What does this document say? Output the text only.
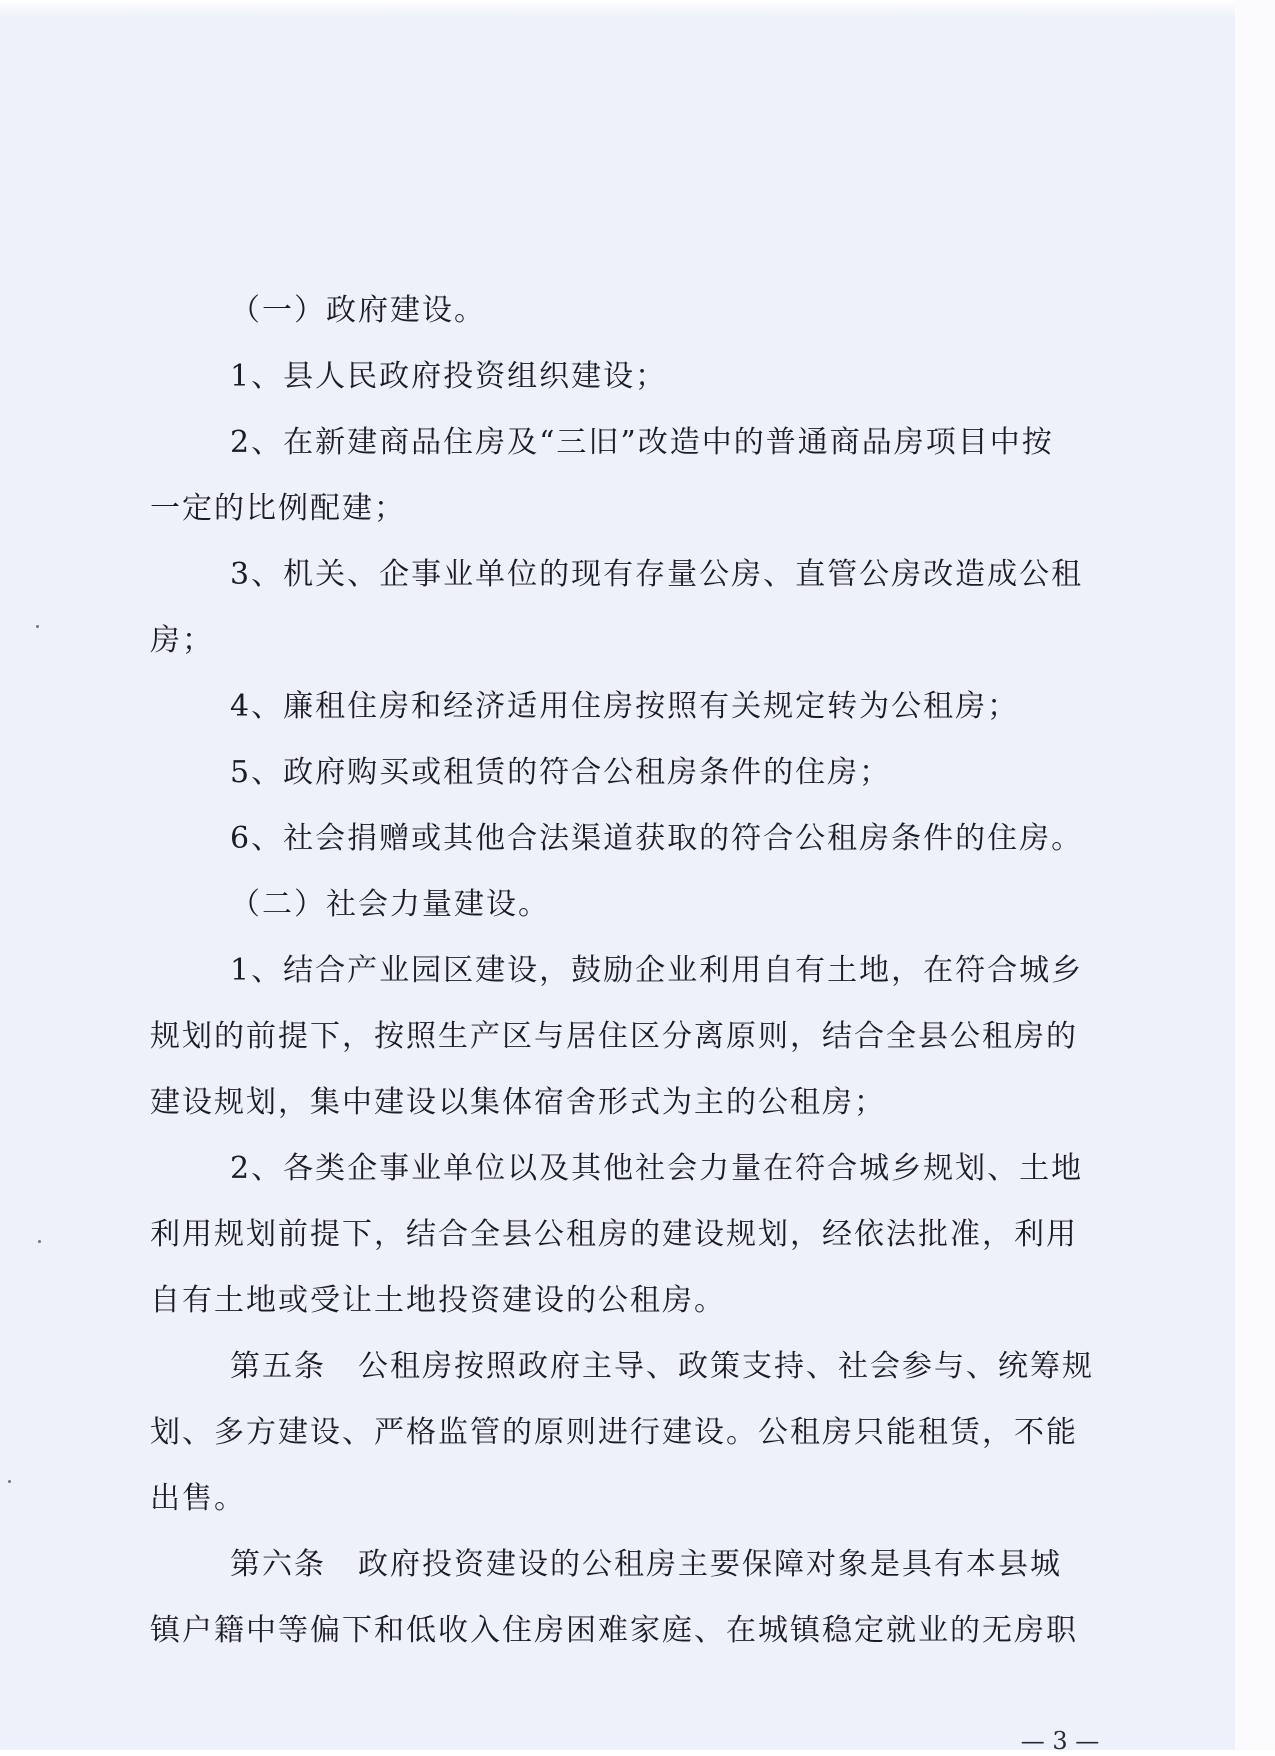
（一）政府建设。
1、县人民政府投资组织建设；
2、在新建商品住房及“三旧”改造中的普通商品房项目中按
一定的比例配建；
3、机关、企事业单位的现有存量公房、直管公房改造成公租
房；
4、廉租住房和经济适用住房按照有关规定转为公租房；
5、政府购买或租赁的符合公租房条件的住房；
6、社会捐赠或其他合法渠道获取的符合公租房条件的住房。
（二）社会力量建设。
1、结合产业园区建设，鼓励企业利用自有土地，在符合城乡
规划的前提下，按照生产区与居住区分离原则，结合全县公租房的
建设规划，集中建设以集体宿舍形式为主的公租房；
2、各类企事业单位以及其他社会力量在符合城乡规划、土地
利用规划前提下，结合全县公租房的建设规划，经依法批准，利用
自有土地或受让土地投资建设的公租房。
第五条　公租房按照政府主导、政策支持、社会参与、统筹规
划、多方建设、严格监管的原则进行建设。公租房只能租赁，不能
出售。
第六条　政府投资建设的公租房主要保障对象是具有本县城
镇户籍中等偏下和低收入住房困难家庭、在城镇稳定就业的无房职
— 3 —
